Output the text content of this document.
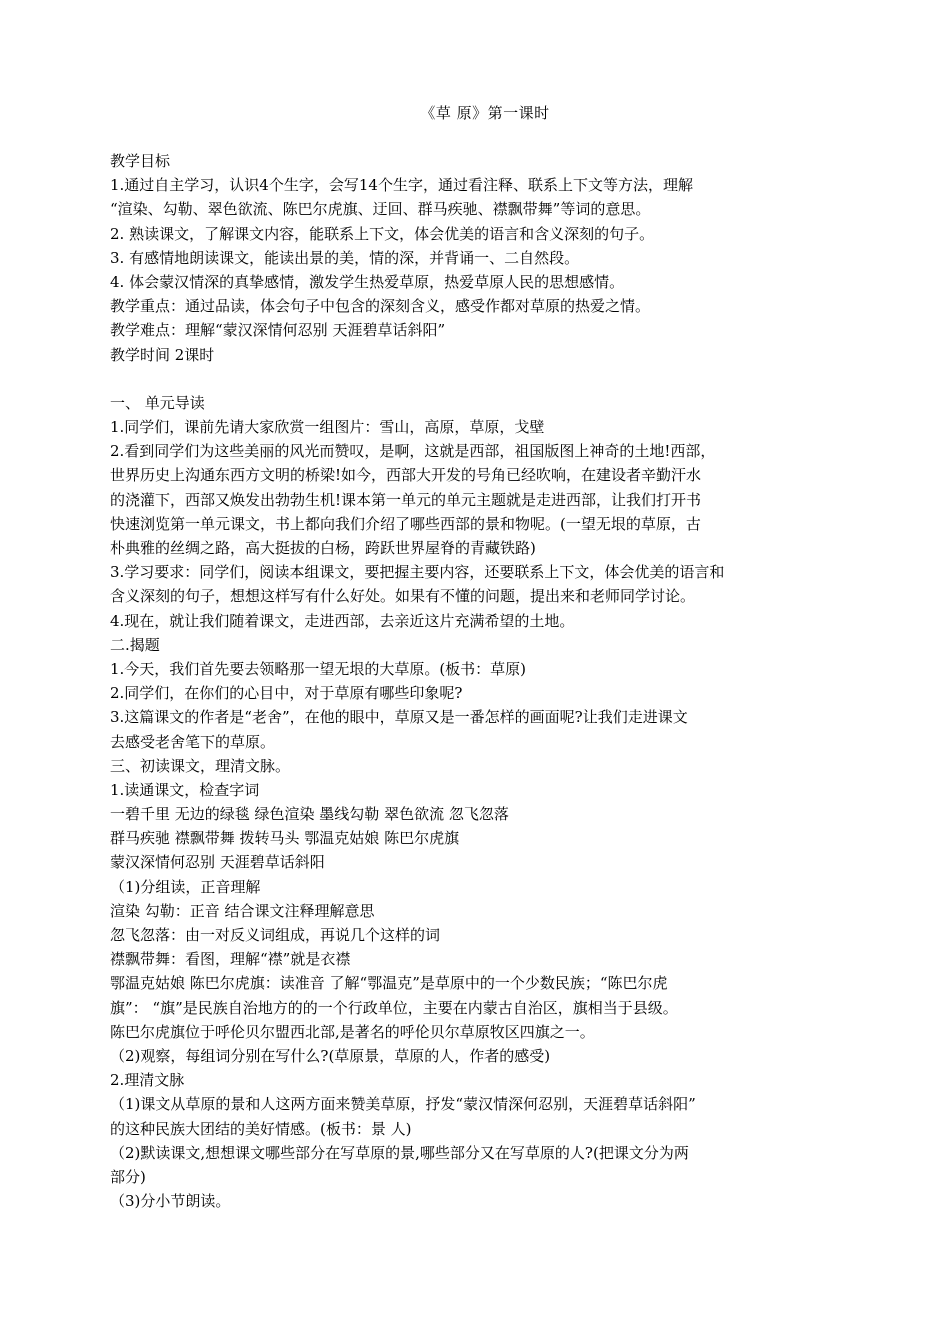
《草 原》第一课时
教学目标
1.通过自主学习，认识4个生字，会写14个生字，通过看注释、联系上下文等方法，理解
“渲染、勾勒、翠色欲流、陈巴尔虎旗、迂回、群马疾驰、襟飘带舞”等词的意思。
2. 熟读课文，了解课文内容，能联系上下文，体会优美的语言和含义深刻的句子。
3. 有感情地朗读课文，能读出景的美，情的深，并背诵一、二自然段。
4. 体会蒙汉情深的真挚感情，激发学生热爱草原，热爱草原人民的思想感情。
教学重点：通过品读，体会句子中包含的深刻含义，感受作都对草原的热爱之情。
教学难点：理解“蒙汉深情何忍别 天涯碧草话斜阳”
教学时间 2课时
一、 单元导读
1.同学们，课前先请大家欣赏一组图片：雪山，高原，草原，戈壁
2.看到同学们为这些美丽的风光而赞叹，是啊，这就是西部，祖国版图上神奇的土地!西部，
世界历史上沟通东西方文明的桥梁!如今，西部大开发的号角已经吹响，在建设者辛勤汗水
的浇灌下，西部又焕发出勃勃生机!课本第一单元的单元主题就是走进西部，让我们打开书
快速浏览第一单元课文，书上都向我们介绍了哪些西部的景和物呢。(一望无垠的草原，古
朴典雅的丝绸之路，高大挺拔的白杨，跨跃世界屋脊的青藏铁路)
3.学习要求：同学们，阅读本组课文，要把握主要内容，还要联系上下文，体会优美的语言和
含义深刻的句子，想想这样写有什么好处。如果有不懂的问题，提出来和老师同学讨论。
4.现在，就让我们随着课文，走进西部，去亲近这片充满希望的土地。
二.揭题
1.今天，我们首先要去领略那一望无垠的大草原。(板书：草原)
2.同学们，在你们的心目中，对于草原有哪些印象呢?
3.这篇课文的作者是“老舍”，在他的眼中，草原又是一番怎样的画面呢?让我们走进课文
去感受老舍笔下的草原。
三、初读课文，理清文脉。
1.读通课文，检查字词
一碧千里 无边的绿毯 绿色渲染 墨线勾勒 翠色欲流 忽飞忽落
群马疾驰 襟飘带舞 拨转马头 鄂温克姑娘 陈巴尔虎旗
蒙汉深情何忍别 天涯碧草话斜阳
（1)分组读，正音理解
渲染 勾勒：正音 结合课文注释理解意思
忽飞忽落：由一对反义词组成，再说几个这样的词
襟飘带舞：看图，理解“襟”就是衣襟
鄂温克姑娘 陈巴尔虎旗：读准音 了解“鄂温克”是草原中的一个少数民族；“陈巴尔虎
旗”： “旗”是民族自治地方的的一个行政单位，主要在内蒙古自治区，旗相当于县级。
陈巴尔虎旗位于呼伦贝尔盟西北部,是著名的呼伦贝尔草原牧区四旗之一。
（2)观察，每组词分别在写什么?(草原景，草原的人，作者的感受)
2.理清文脉
（1)课文从草原的景和人这两方面来赞美草原，抒发“蒙汉情深何忍别，天涯碧草话斜阳”
的这种民族大团结的美好情感。(板书：景 人)
（2)默读课文,想想课文哪些部分在写草原的景,哪些部分又在写草原的人?(把课文分为两
部分)
（3)分小节朗读。
